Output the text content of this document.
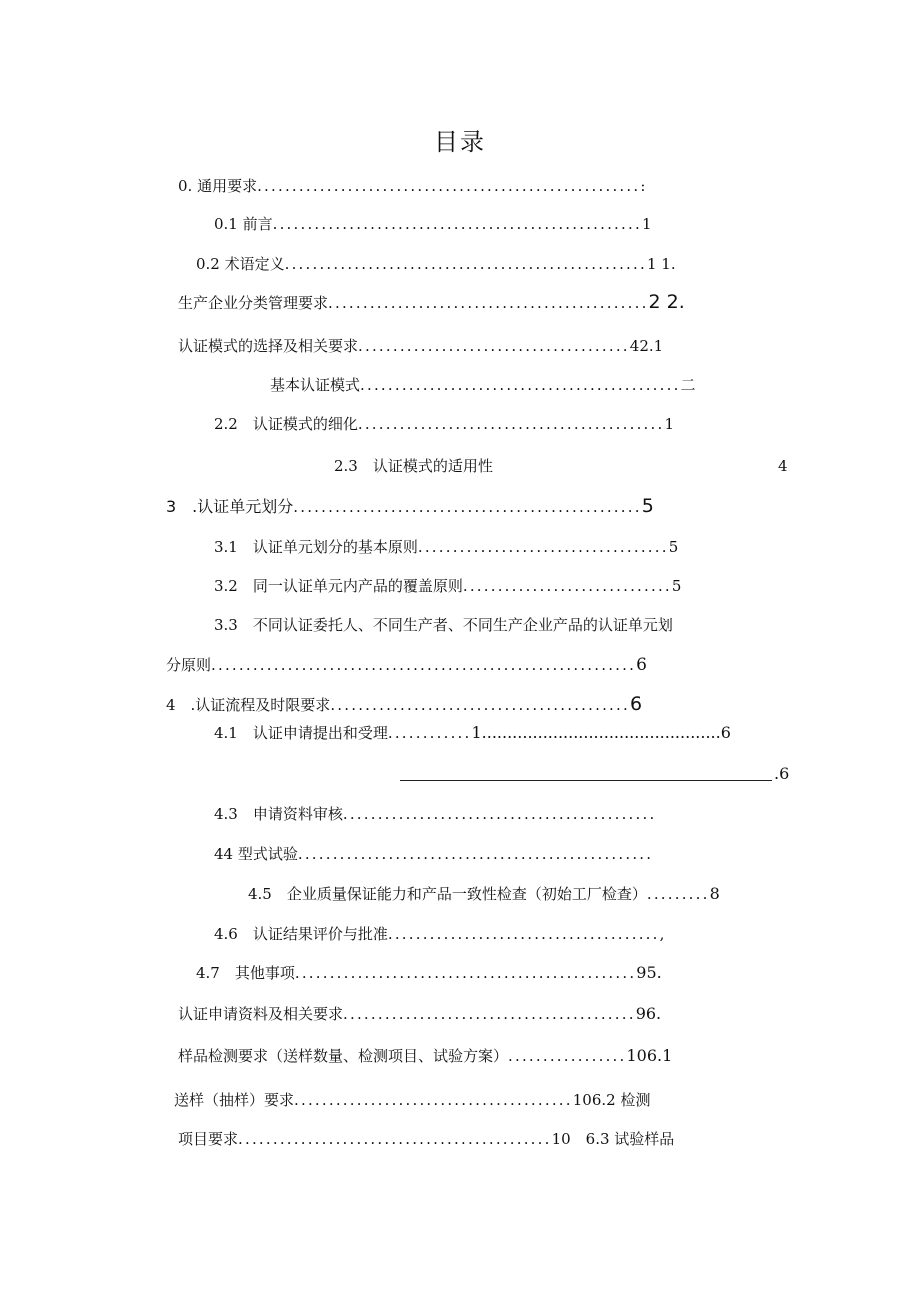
目录
0. 通用要求.......................................................:
0.1 前言.....................................................1
0.2 术语定义....................................................1 1.
生产企业分类管理要求..............................................2 2.
认证模式的选择及相关要求.......................................42.1
基本认证模式..............................................二
2.2　认证模式的细化............................................1
2.3　认证模式的适用性	4
3　.认证单元划分..................................................5
3.1　认证单元划分的基本原则....................................5
3.2　同一认证单元内产品的覆盖原则..............................5
3.3　不同认证委托人、不同生产者、不同生产企业产品的认证单元划
分原则.............................................................6
4　.认证流程及时限要求...........................................6
4.1　认证申请提出和受理............1...............................................6
.6
4.3　申请资料审核.............................................
44 型式试验...................................................
4.5　企业质量保证能力和产品一致性检查（初始工厂检查）.........8
4.6　认证结果评价与批准.......................................,
4.7　其他事项.................................................95.
认证申请资料及相关要求..........................................96.
样品检测要求（送样数量、检测项目、试验方案）.................106.1
送样（抽样）要求........................................106.2 检测
项目要求.............................................10　6.3 试验样品
